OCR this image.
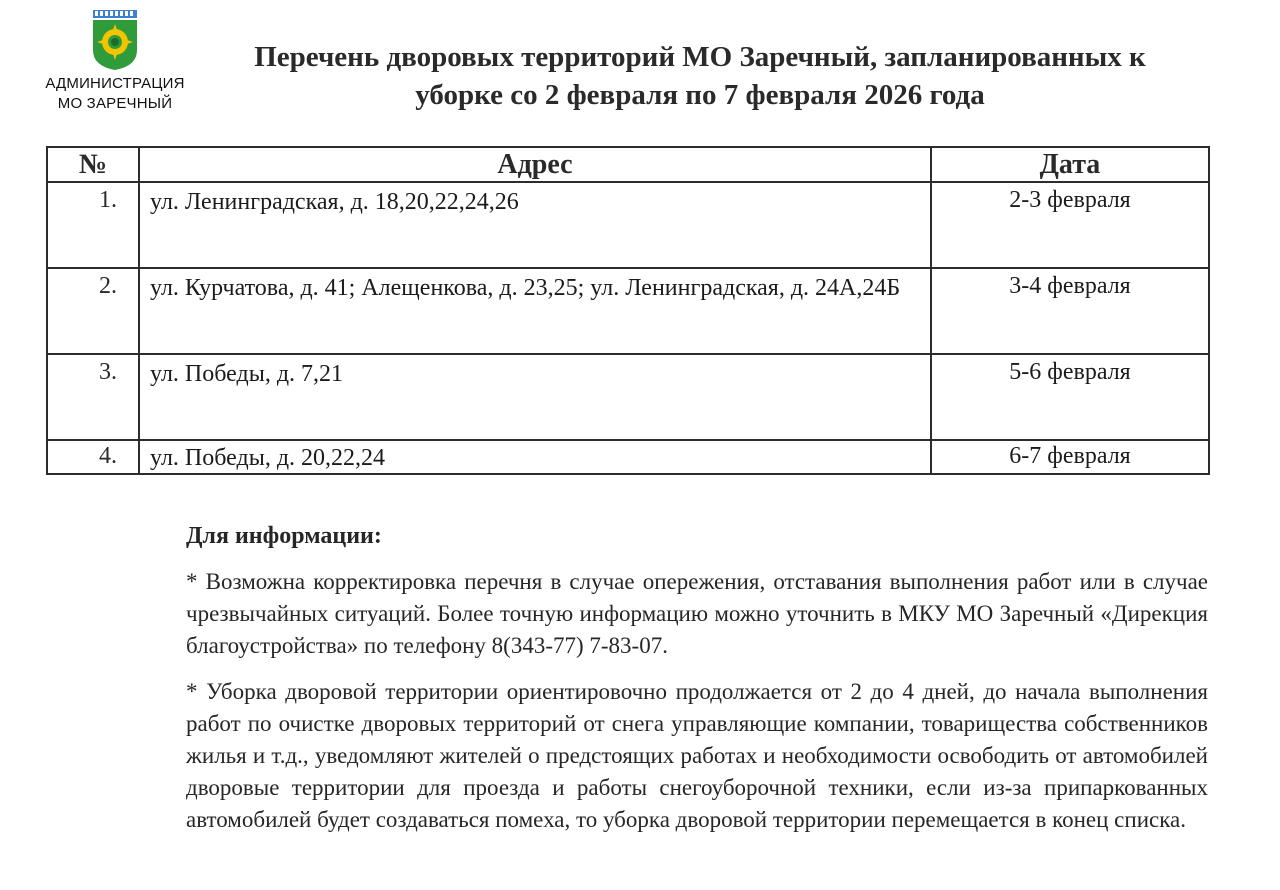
АДМИНИСТРАЦИЯ
МО ЗАРЕЧНЫЙ
Перечень дворовых территорий МО Заречный, запланированных к
уборке со 2 февраля по 7 февраля 2026 года
№	Адрес	Дата
1.	ул. Ленинградская, д. 18,20,22,24,26	2-3 февраля
2.	ул. Курчатова, д. 41; Алещенкова, д. 23,25; ул. Ленинградская, д. 24А,24Б	3-4 февраля
3.	ул. Победы, д. 7,21	5-6 февраля
4.	ул. Победы, д. 20,22,24	6-7 февраля
Для информации:

* Возможна корректировка перечня в случае опережения, отставания выполнения работ или в случае чрезвычайных ситуаций. Более точную информацию можно уточнить в МКУ МО Заречный «Дирекция благоустройства» по телефону 8(343-77) 7-83-07.

* Уборка дворовой территории ориентировочно продолжается от 2 до 4 дней, до начала выполнения работ по очистке дворовых территорий от снега управляющие компании, товарищества собственников жилья и т.д., уведомляют жителей о предстоящих работах и необходимости освободить от автомобилей дворовые территории для проезда и работы снегоуборочной техники, если из-за припаркованных автомобилей будет создаваться помеха, то уборка дворовой территории перемещается в конец списка.
